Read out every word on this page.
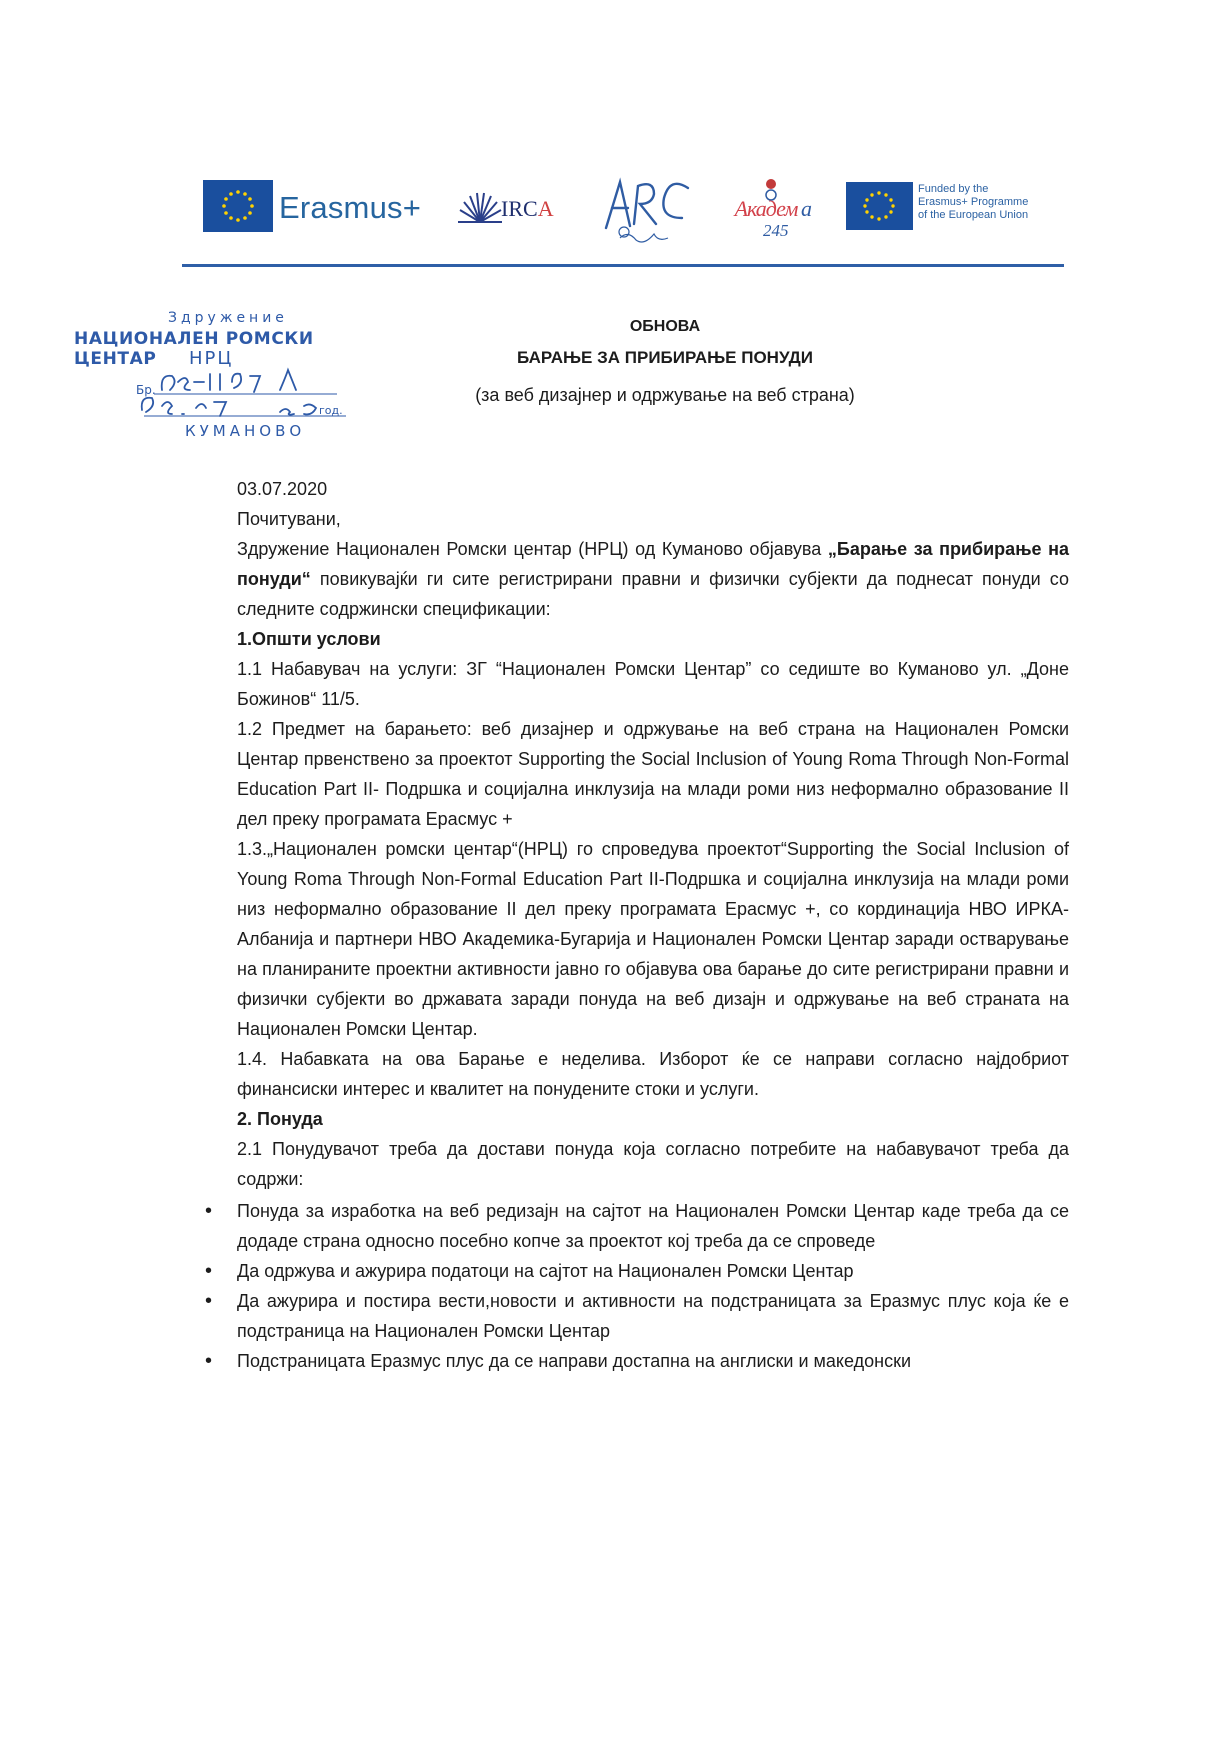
Erasmus+	IRCA	Академ а
245
Funded by the
Erasmus+ Programme
of the European Union
Здружение
НАЦИОНАЛЕН РОМСКИ ЦЕНТАР	НРЦ
Бр.
год.
КУМАНОВО
ОБНОВА
БАРАЊЕ ЗА ПРИБИРАЊЕ ПОНУДИ
(за веб дизајнер и одржување на веб страна)

03.07.2020

Почитувани,

Здружение Национален Ромски центар (НРЦ) од Куманово објавува „Барање за прибирање на понуди“ повикувајќи ги сите регистрирани правни и физички субјекти да поднесат понуди со следните содржински спецификации:

1.Општи услови

1.1 Набавувач на услуги: ЗГ “Национален Ромски Центар” со седиште во Куманово ул. „Доне Божинов“ 11/5.

1.2 Предмет на барањето: веб дизајнер и одржување на веб страна на Национален Ромски Центар првенствено за проектот Supporting the Social Inclusion of Young Roma Through Non-Formal Education Part II- Подршка и социјална инклузија на млади роми низ неформално образование II дел преку програмата Ерасмус +

1.3.„Национален ромски центар“(НРЦ) го спроведува проектот“Supporting the Social Inclusion of Young Roma Through Non-Formal Education Part II-Подршка и социјална инклузија на млади роми низ неформално образование II дел преку програмата Ерасмус +, со кординација НВО ИРКА-Албанија и партнери НВО Академика-Бугарија и Национален Ромски Центар заради остварување на планираните проектни активности јавно го објавува ова барање до сите регистрирани правни и физички субјекти во државата заради понуда на веб дизајн и одржување на веб страната на Национален Ромски Центар.

1.4. Набавката на ова Барање е неделива. Изборот ќе се направи согласно најдобриот финансиски интерес и квалитет на понудените стоки и услуги.

2. Понуда

2.1 Понудувачот треба да достави понуда која согласно потребите на набавувачот треба да содржи:

• Понуда за изработка на веб редизајн на сајтот на Национален Ромски Центар каде треба да се додаде страна односно посебно копче за проектот кој треба да се спроведе
• Да одржува и ажурира податоци на сајтот на Национален Ромски Центар
• Да ажурира и постира вести,новости и активности на подстраницата за Еразмус плус која ќе е подстраница на Национален Ромски Центар
• Подстраницата Еразмус плус да се направи достапна на англиски и македонски
